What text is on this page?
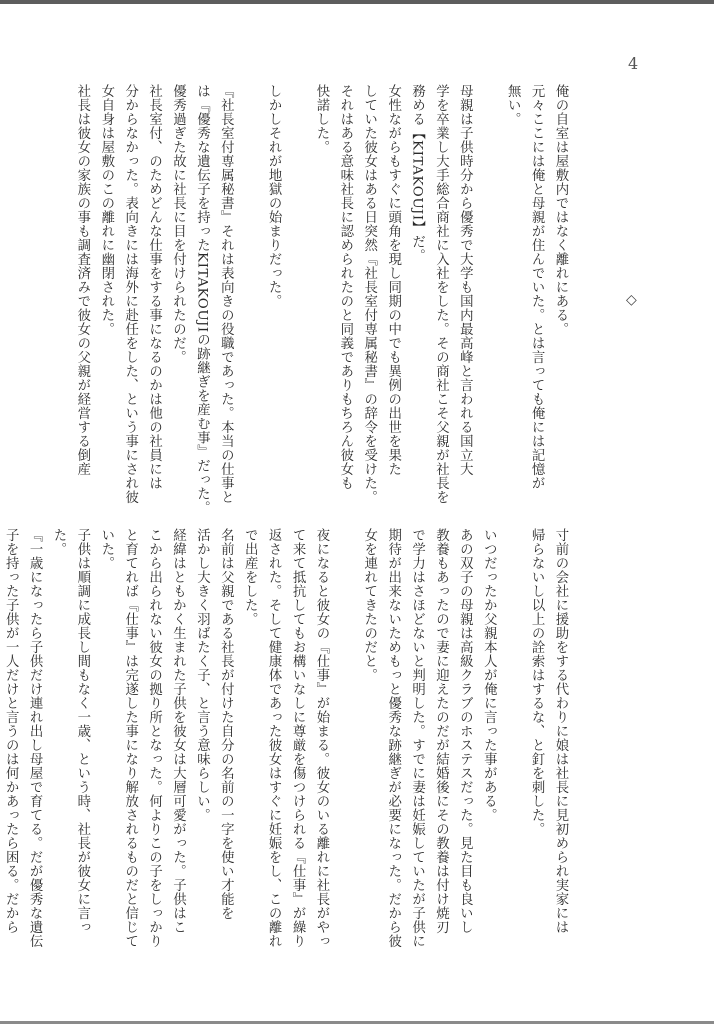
4
◇

俺の自室は屋敷内ではなく離れにある。

元々ここには俺と母親が住んでいた。とは言っても俺には記憶が

無い。

母親は子供時分から優秀で大学も国内最高峰と言われる国立大

学を卒業し大手総合商社に入社をした。その商社こそ父親が社長を

務める【KITAKOUJI】だ。

女性ながらもすぐに頭角を現し同期の中でも異例の出世を果た

していた彼女はある日突然『社長室付専属秘書』の辞令を受けた。

それはある意味社長に認められたのと同義でありもちろん彼女も

快諾した。

しかしそれが地獄の始まりだった。

『社長室付専属秘書』それは表向きの役職であった。本当の仕事と

は『優秀な遺伝子を持ったKITAKOUJIの跡継ぎを産む事』だった。

優秀過ぎた故に社長に目を付けられたのだ。

社長室付、のためどんな仕事をする事になるのかは他の社員には

分からなかった。表向きには海外に赴任をした、という事にされ彼

女自身は屋敷のこの離れに幽閉された。

社長は彼女の家族の事も調査済みで彼女の父親が経営する倒産

寸前の会社に援助をする代わりに娘は社長に見初められ実家には

帰らないし以上の詮索はするな、と釘を刺した。

いつだったか父親本人が俺に言った事がある。

あの双子の母親は高級クラブのホステスだった。見た目も良いし

教養もあったので妻に迎えたのだが結婚後にその教養は付け焼刃

で学力はさほどないと判明した。すでに妻は妊娠していたが子供に

期待が出来ないためもっと優秀な跡継ぎが必要になった。だから彼

女を連れてきたのだと。

夜になると彼女の『仕事』が始まる。彼女のいる離れに社長がやっ

て来て抵抗してもお構いなしに尊厳を傷つけられる『仕事』が繰り

返された。そして健康体であった彼女はすぐに妊娠をし、この離れ

で出産をした。

名前は父親である社長が付けた自分の名前の一字を使い才能を

活かし大きく羽ばたく子、と言う意味らしい。

経緯はともかく生まれた子供を彼女は大層可愛がった。子供はこ

こから出られない彼女の拠り所となった。何よりこの子をしっかり

と育てれば『仕事』は完遂した事になり解放されるものだと信じて

いた。

子供は順調に成長し間もなく一歳、という時、社長が彼女に言っ

た。

『一歳になったら子供だけ連れ出し母屋で育てる。だが優秀な遺伝

子を持った子供が一人だけと言うのは何かあったら困る。だから
